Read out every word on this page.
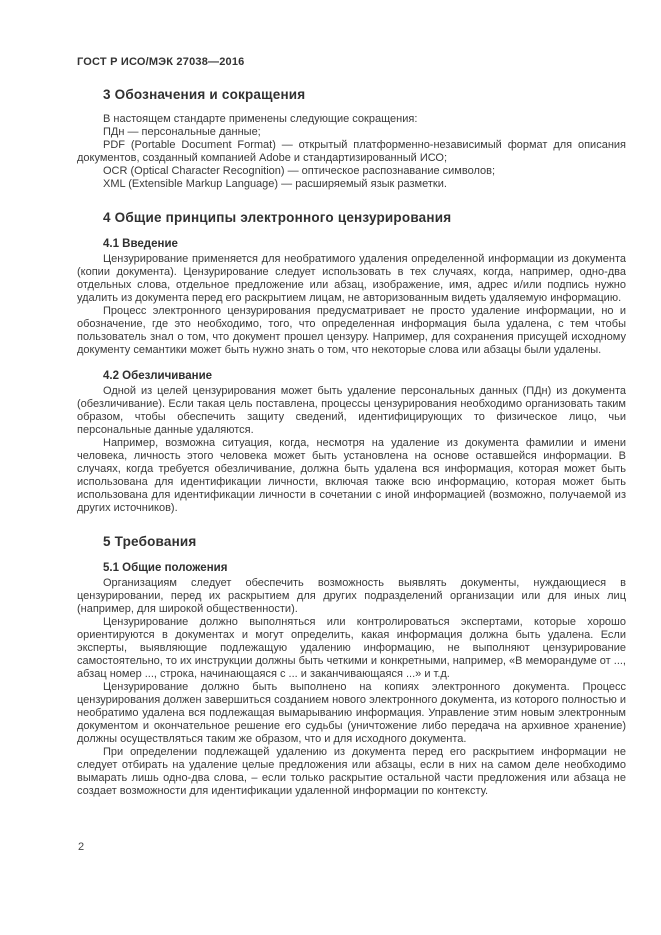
ГОСТ Р ИСО/МЭК 27038—2016
3 Обозначения и сокращения

В настоящем стандарте применены следующие сокращения:

ПДн — персональные данные;

PDF (Portable Document Format) — открытый платформенно-независимый формат для описания документов, созданный компанией Adobe и стандартизированный ИСО;

OCR (Optical Character Recognition) — оптическое распознавание символов;

XML (Extensible Markup Language) — расширяемый язык разметки.

4 Общие принципы электронного цензурирования
4.1 Введение

Цензурирование применяется для необратимого удаления определенной информации из документа (копии документа). Цензурирование следует использовать в тех случаях, когда, например, одно-два отдельных слова, отдельное предложение или абзац, изображение, имя, адрес и/или подпись нужно удалить из документа перед его раскрытием лицам, не авторизованным видеть удаляемую информацию.

Процесс электронного цензурирования предусматривает не просто удаление информации, но и обозначение, где это необходимо, того, что определенная информация была удалена, с тем чтобы пользователь знал о том, что документ прошел цензуру. Например, для сохранения присущей исходному документу семантики может быть нужно знать о том, что некоторые слова или абзацы были удалены.

4.2 Обезличивание

Одной из целей цензурирования может быть удаление персональных данных (ПДн) из документа (обезличивание). Если такая цель поставлена, процессы цензурирования необходимо организовать таким образом, чтобы обеспечить защиту сведений, идентифицирующих то физическое лицо, чьи персональные данные удаляются.

Например, возможна ситуация, когда, несмотря на удаление из документа фамилии и имени человека, личность этого человека может быть установлена на основе оставшейся информации. В случаях, когда требуется обезличивание, должна быть удалена вся информация, которая может быть использована для идентификации личности, включая также всю информацию, которая может быть использована для идентификации личности в сочетании с иной информацией (возможно, получаемой из других источников).

5 Требования
5.1 Общие положения

Организациям следует обеспечить возможность выявлять документы, нуждающиеся в цензурировании, перед их раскрытием для других подразделений организации или для иных лиц (например, для широкой общественности).

Цензурирование должно выполняться или контролироваться экспертами, которые хорошо ориентируются в документах и могут определить, какая информация должна быть удалена. Если эксперты, выявляющие подлежащую удалению информацию, не выполняют цензурирование самостоятельно, то их инструкции должны быть четкими и конкретными, например, «В меморандуме от ..., абзац номер ..., строка, начинающаяся с ... и заканчивающаяся ...» и т.д.

Цензурирование должно быть выполнено на копиях электронного документа. Процесс цензурирования должен завершиться созданием нового электронного документа, из которого полностью и необратимо удалена вся подлежащая вымарыванию информация. Управление этим новым электронным документом и окончательное решение его судьбы (уничтожение либо передача на архивное хранение) должны осуществляться таким же образом, что и для исходного документа.

При определении подлежащей удалению из документа перед его раскрытием информации не следует отбирать на удаление целые предложения или абзацы, если в них на самом деле необходимо вымарать лишь одно-два слова, – если только раскрытие остальной части предложения или абзаца не создает возможности для идентификации удаленной информации по контексту.

2
